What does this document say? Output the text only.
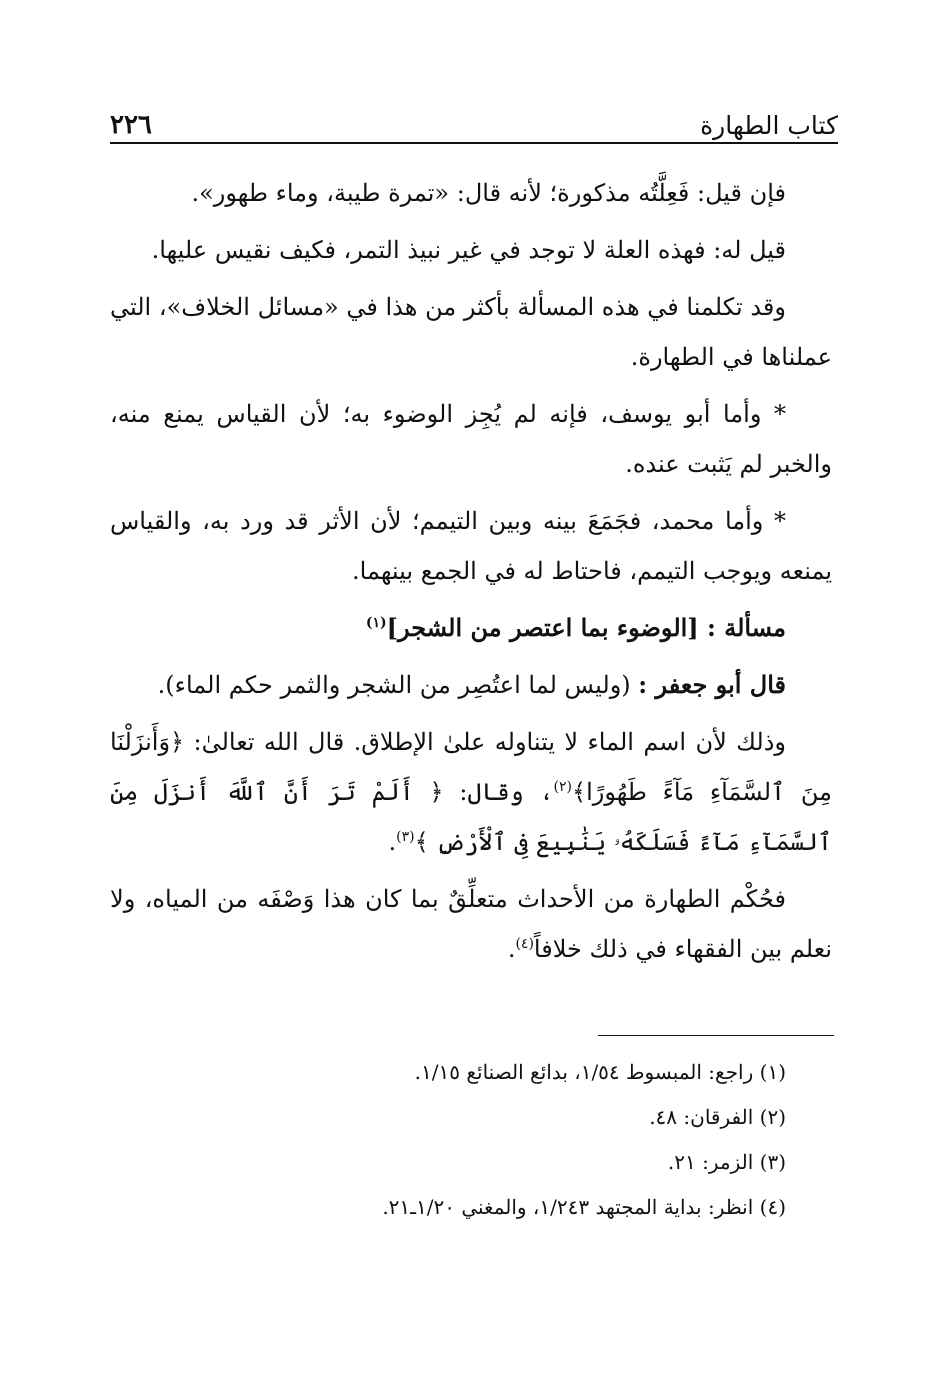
كتاب الطهارة
٢٢٦

فإن قيل: فَعِلَّتُه مذكورة؛ لأنه قال: «تمرة طيبة، وماء طهور».

قيل له: فهذه العلة لا توجد في غير نبيذ التمر، فكيف نقيس عليها.

وقد تكلمنا في هذه المسألة بأكثر من هذا في «مسائل الخلاف»، التي عملناها في الطهارة.

* وأما أبو يوسف، فإنه لم يُجِز الوضوء به؛ لأن القياس يمنع منه، والخبر لم يَثبت عنده.

* وأما محمد، فجَمَعَ بينه وبين التيمم؛ لأن الأثر قد ورد به، والقياس يمنعه ويوجب التيمم، فاحتاط له في الجمع بينهما.

مسألة : [الوضوء بما اعتصر من الشجر]$^{(١)}$

قال أبو جعفر : (وليس لما اعتُصِر من الشجر والثمر حكم الماء).

وذلك لأن اسم الماء لا يتناوله علىٰ الإطلاق. قال الله تعالىٰ: ﴿وَأَنزَلْنَا مِنَ ٱلسَّمَآءِ مَآءً طَهُورًا﴾$^{(٢)}$، وقال: ﴿ أَلَمْ تَرَ أَنَّ ٱللَّهَ أَنزَلَ مِنَ ٱلسَّمَآءِ مَآءً فَسَلَكَهُۥ يَنَٰبِيعَ فِى ٱلْأَرْضِ ﴾$^{(٣)}$.

فحُكْم الطهارة من الأحداث متعلِّقٌ بما كان هذا وَصْفَه من المياه، ولا نعلم بين الفقهاء في ذلك خلافاً$^{(٤)}$.

(١) راجع: المبسوط ١/٥٤، بدائع الصنائع ١/١٥.

(٢) الفرقان: ٤٨.

(٣) الزمر: ٢١.

(٤) انظر: بداية المجتهد ١/٢٤٣، والمغني ١/٢٠ـ٢١.
